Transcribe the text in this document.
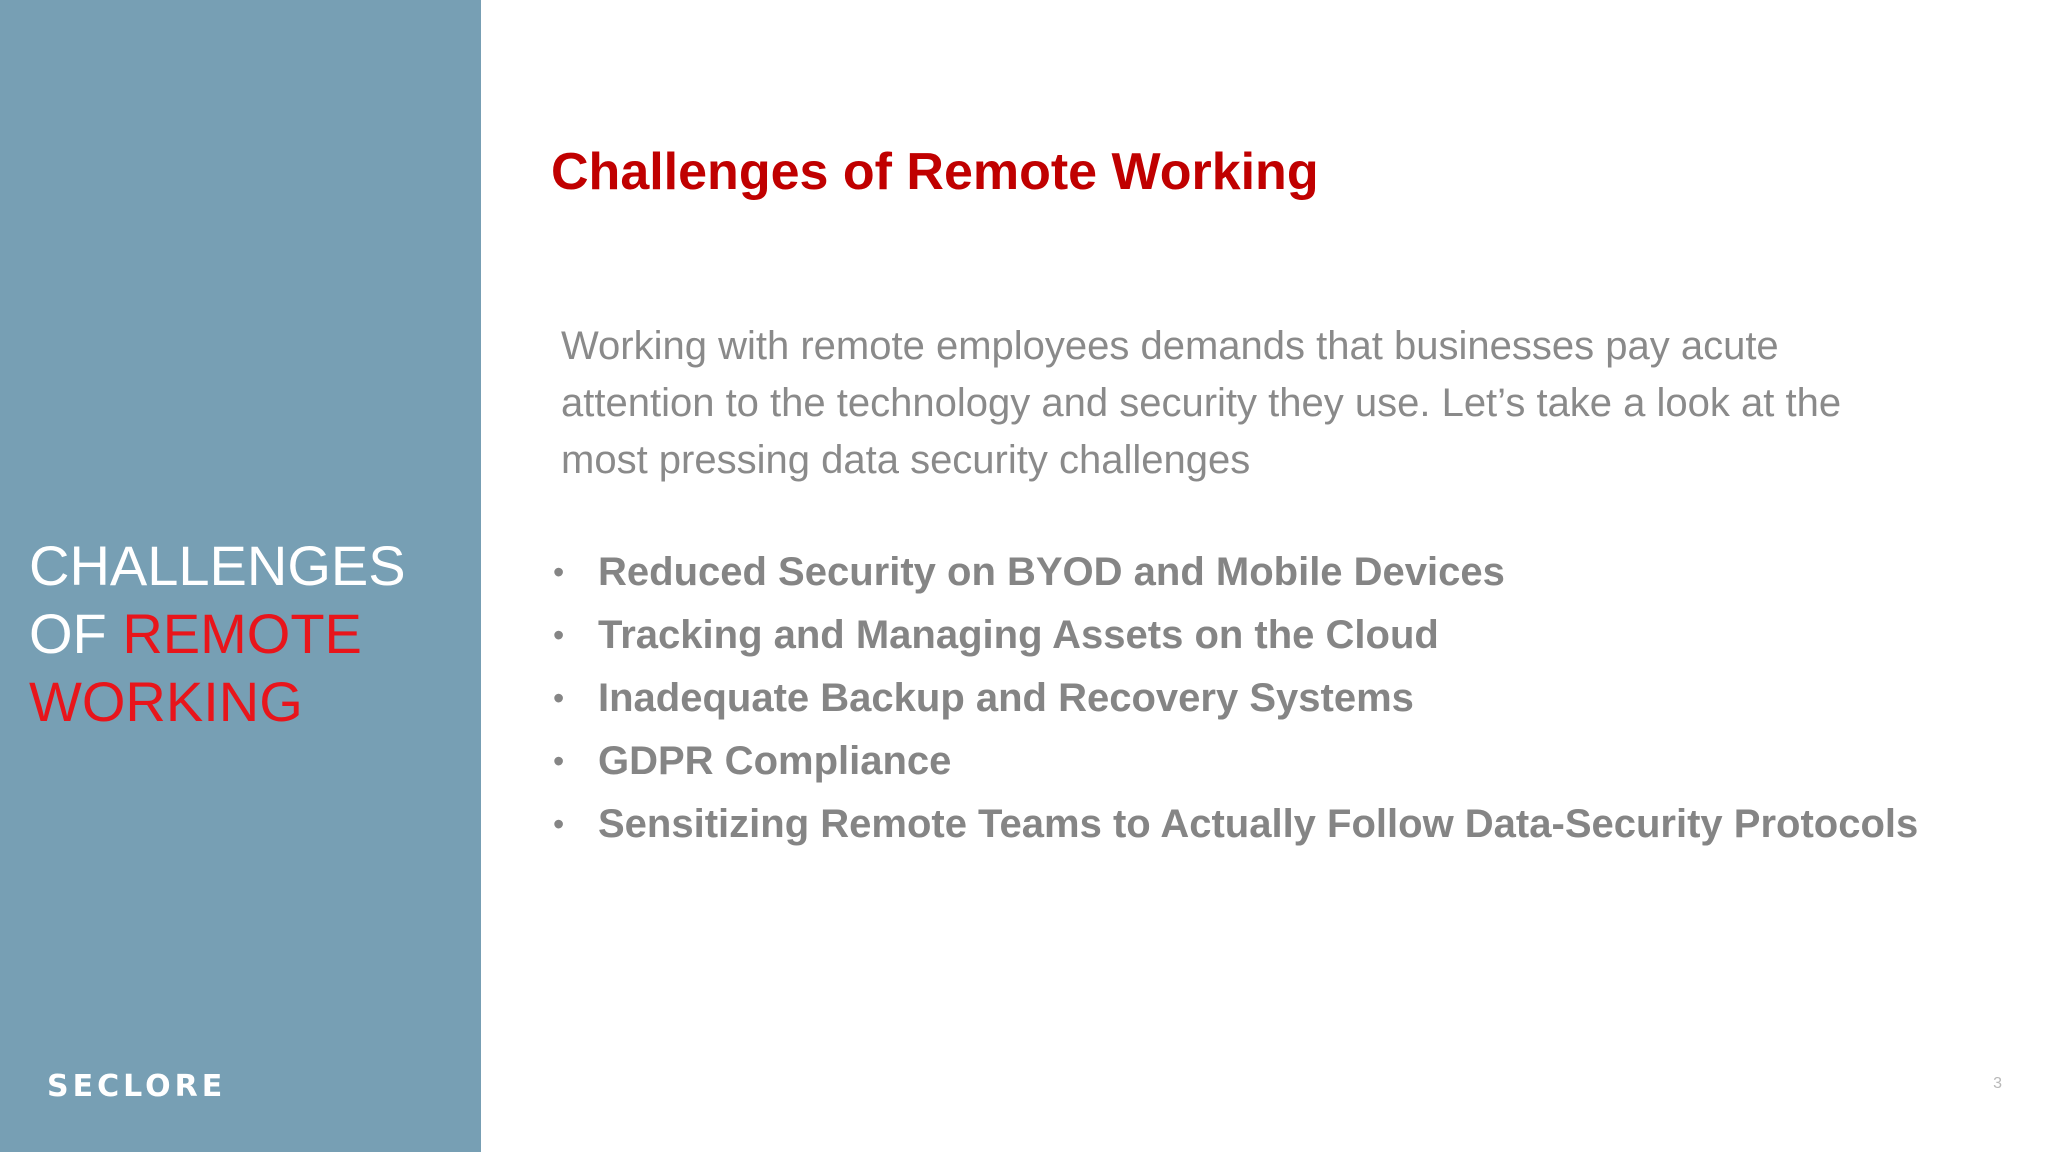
CHALLENGES
OF REMOTE
WORKING
SECLORE
Challenges of Remote Working
Working with remote employees demands that businesses pay acute attention to the technology and security they use. Let’s take a look at the most pressing data security challenges
• Reduced Security on BYOD and Mobile Devices
• Tracking and Managing Assets on the Cloud
• Inadequate Backup and Recovery Systems
• GDPR Compliance
• Sensitizing Remote Teams to Actually Follow Data-Security Protocols
3
